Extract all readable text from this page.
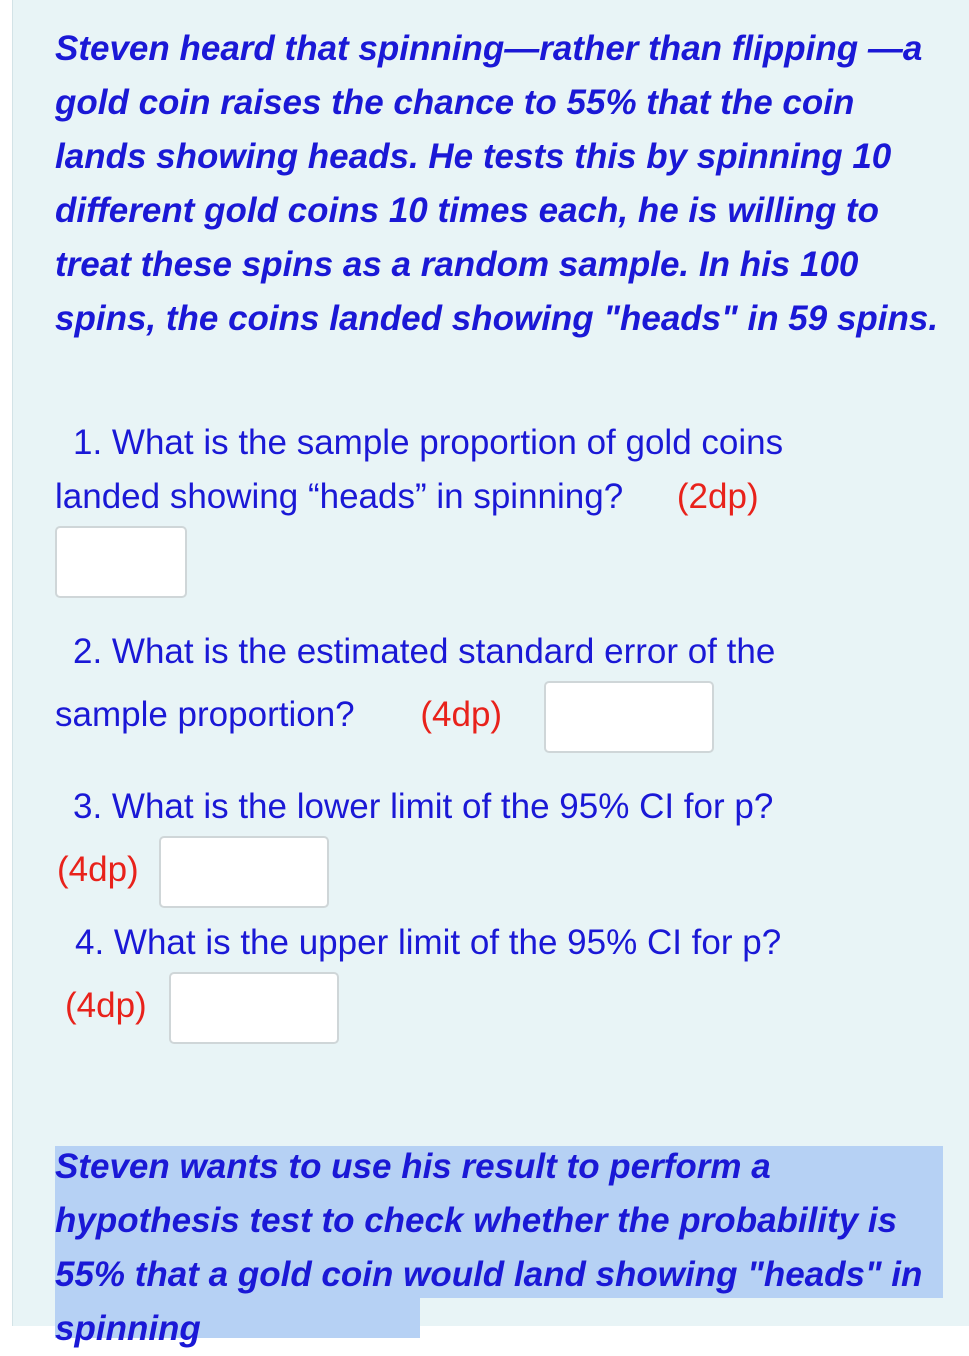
Steven heard that spinning—rather than flipping —a gold coin raises the chance to 55% that the coin lands showing heads. He tests this by spinning 10 different gold coins 10 times each, he is willing to treat these spins as a random sample. In his 100 spins, the coins landed showing "heads" in 59 spins.

1. What is the sample proportion of gold coins
landed showing “heads” in spinning? (2dp)
2. What is the estimated standard error of the
sample proportion? (4dp)
3. What is the lower limit of the 95% CI for p?
(4dp)
4. What is the upper limit of the 95% CI for p?
(4dp)

Steven wants to use his result to perform a hypothesis test to check whether the probability is 55% that a gold coin would land showing "heads" in spinning
